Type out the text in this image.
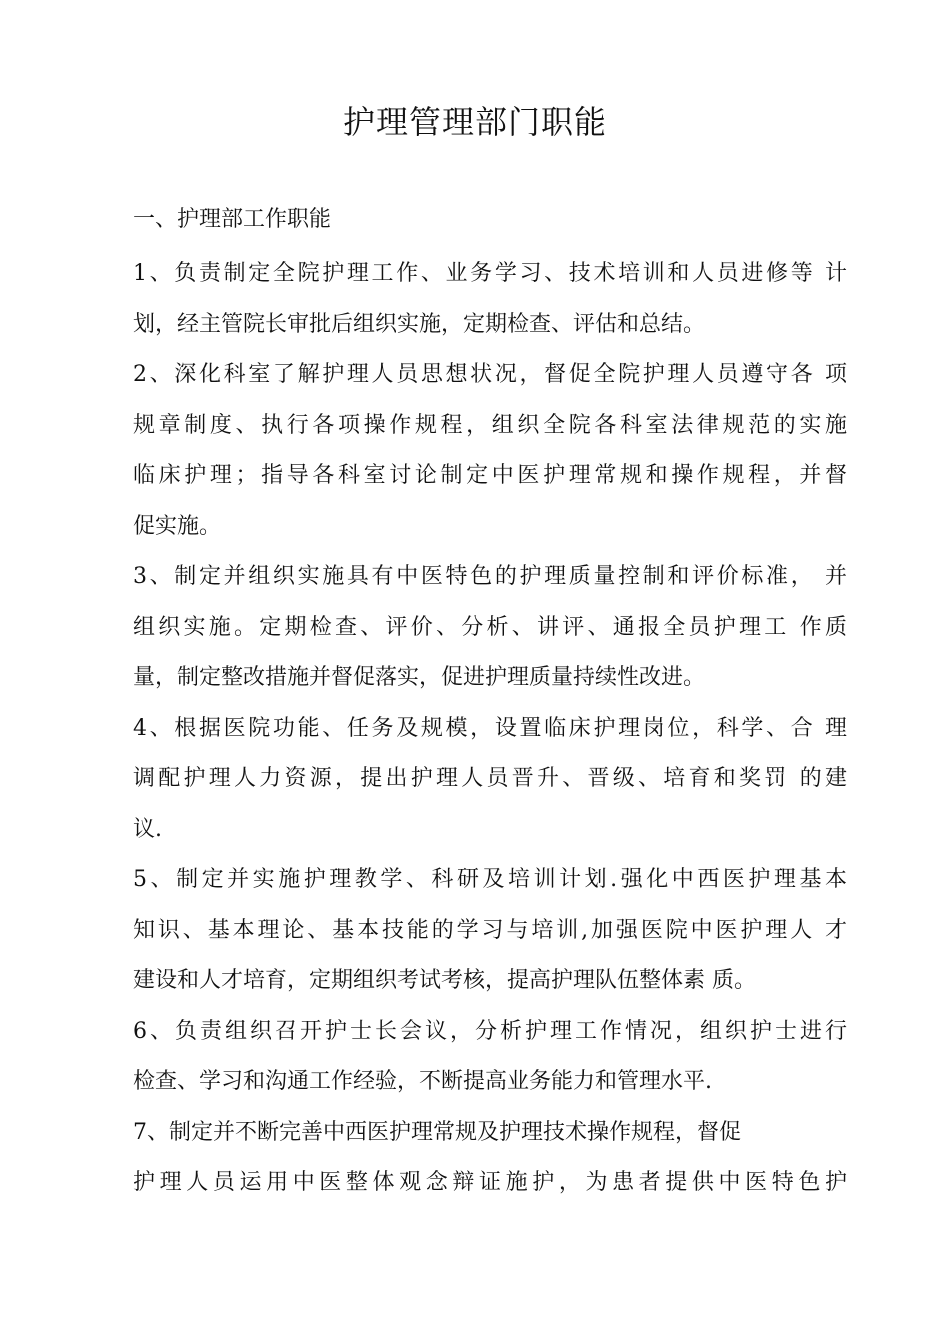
护理管理部门职能

一、护理部工作职能

1、负责制定全院护理工作、业务学习、技术培训和人员进修等 计
划，经主管院长审批后组织实施，定期检查、评估和总结。
2、深化科室了解护理人员思想状况，督促全院护理人员遵守各 项
规章制度、执行各项操作规程，组织全院各科室法律规范的实施
临床护理；指导各科室讨论制定中医护理常规和操作规程，并督
促实施。
3、制定并组织实施具有中医特色的护理质量控制和评价标准， 并
组织实施。定期检查、评价、分析、讲评、通报全员护理工 作质
量，制定整改措施并督促落实，促进护理质量持续性改进。
4、根据医院功能、任务及规模，设置临床护理岗位，科学、合 理
调配护理人力资源，提出护理人员晋升、晋级、培育和奖罚 的建
议.
5、制定并实施护理教学、科研及培训计划.强化中西医护理基本
知识、基本理论、基本技能的学习与培训,加强医院中医护理人 才
建设和人才培育，定期组织考试考核，提高护理队伍整体素 质。
6、负责组织召开护士长会议，分析护理工作情况，组织护士进行
检查、学习和沟通工作经验，不断提高业务能力和管理水平.
7、制定并不断完善中西医护理常规及护理技术操作规程，督促
护理人员运用中医整体观念辩证施护，为患者提供中医特色护
